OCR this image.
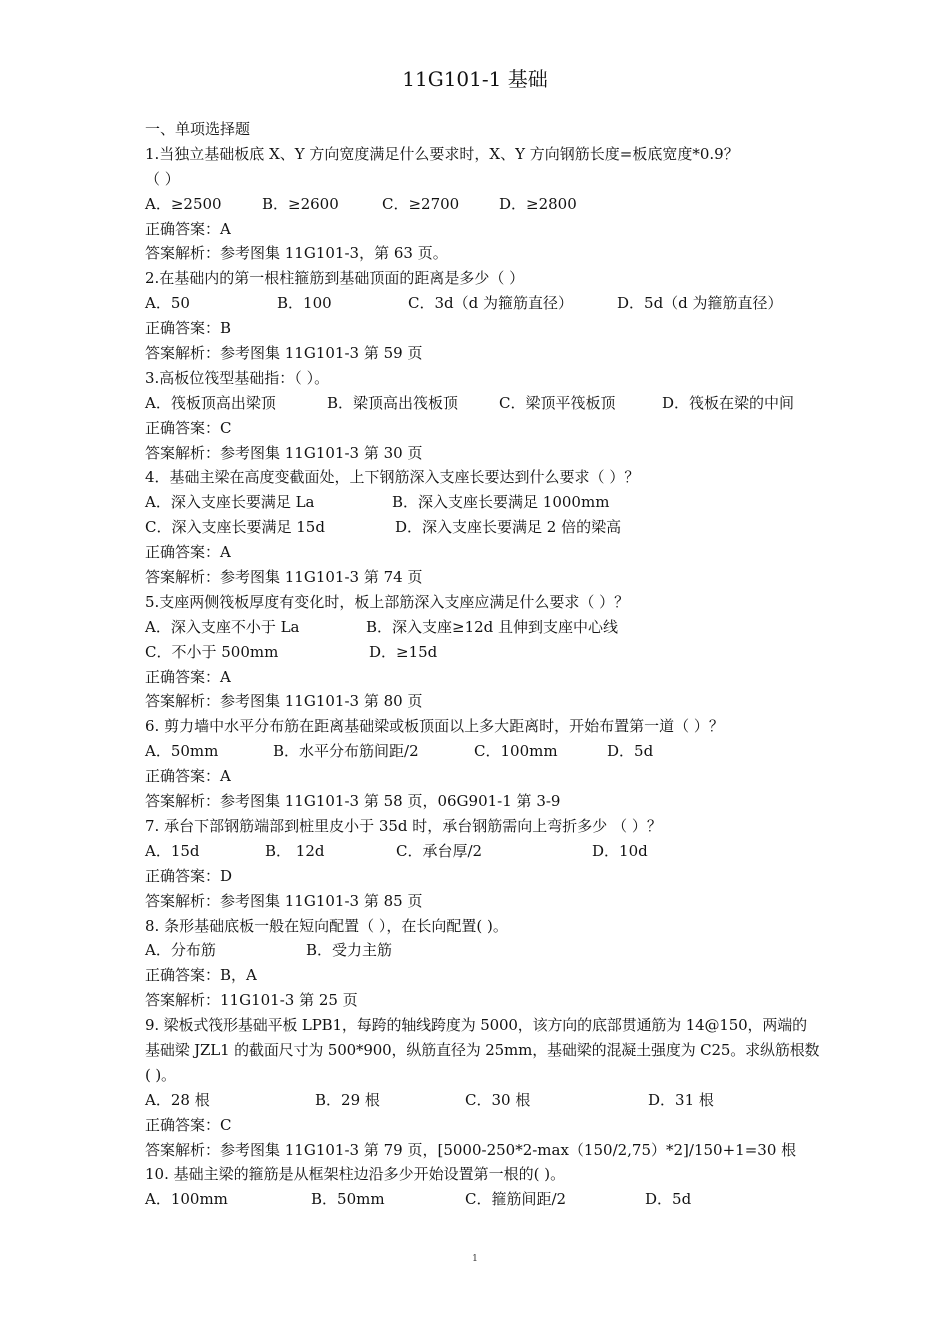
11G101-1 基础
一、单项选择题
1.当独立基础板底 X、Y 方向宽度满足什么要求时，X、Y 方向钢筋长度=板底宽度*0.9？
（ ）
A．≥2500	B．≥2600	C．≥2700	D．≥2800
正确答案：A
答案解析：参考图集 11G101-3，第 63 页。
2.在基础内的第一根柱箍筋到基础顶面的距离是多少（ ）
A．50	B．100	C．3d（d 为箍筋直径）	D．5d（d 为箍筋直径）
正确答案：B
答案解析：参考图集 11G101-3 第 59 页
3.高板位筏型基础指：（ ）。
A．筏板顶高出梁顶	B．梁顶高出筏板顶	C．梁顶平筏板顶	D．筏板在梁的中间
正确答案：C
答案解析：参考图集 11G101-3 第 30 页
4．基础主梁在高度变截面处，上下钢筋深入支座长要达到什么要求（ ）？
A．深入支座长要满足 La	B．深入支座长要满足 1000mm
C．深入支座长要满足 15d	D．深入支座长要满足 2 倍的梁高
正确答案：A
答案解析：参考图集 11G101-3 第 74 页
5.支座两侧筏板厚度有变化时，板上部筋深入支座应满足什么要求（ ）？
A．深入支座不小于 La	B．深入支座≥12d 且伸到支座中心线
C．不小于 500mm	D．≥15d
正确答案：A
答案解析：参考图集 11G101-3 第 80 页
6. 剪力墙中水平分布筋在距离基础梁或板顶面以上多大距离时，开始布置第一道（ ）？
A．50mm	B．水平分布筋间距/2	C．100mm	D．5d
正确答案：A
答案解析：参考图集 11G101-3 第 58 页，06G901-1 第 3-9
7. 承台下部钢筋端部到桩里皮小于 35d 时，承台钢筋需向上弯折多少 （ ）？
A．15d	B． 12d	C．承台厚/2	D．10d
正确答案：D
答案解析：参考图集 11G101-3 第 85 页
8. 条形基础底板一般在短向配置（ ），在长向配置( )。
A．分布筋	B．受力主筋
正确答案：B，A
答案解析：11G101-3 第 25 页
9. 梁板式筏形基础平板 LPB1，每跨的轴线跨度为 5000，该方向的底部贯通筋为 14@150，两端的基础梁 JZL1 的截面尺寸为 500*900，纵筋直径为 25mm，基础梁的混凝土强度为 C25。求纵筋根数( )。
A．28 根	B．29 根	C．30 根	D．31 根
正确答案：C
答案解析：参考图集 11G101-3 第 79 页，[5000-250*2-max（150/2,75）*2]/150+1=30 根
10. 基础主梁的箍筋是从框架柱边沿多少开始设置第一根的( )。
A．100mm	B．50mm	C．箍筋间距/2	D．5d
1
